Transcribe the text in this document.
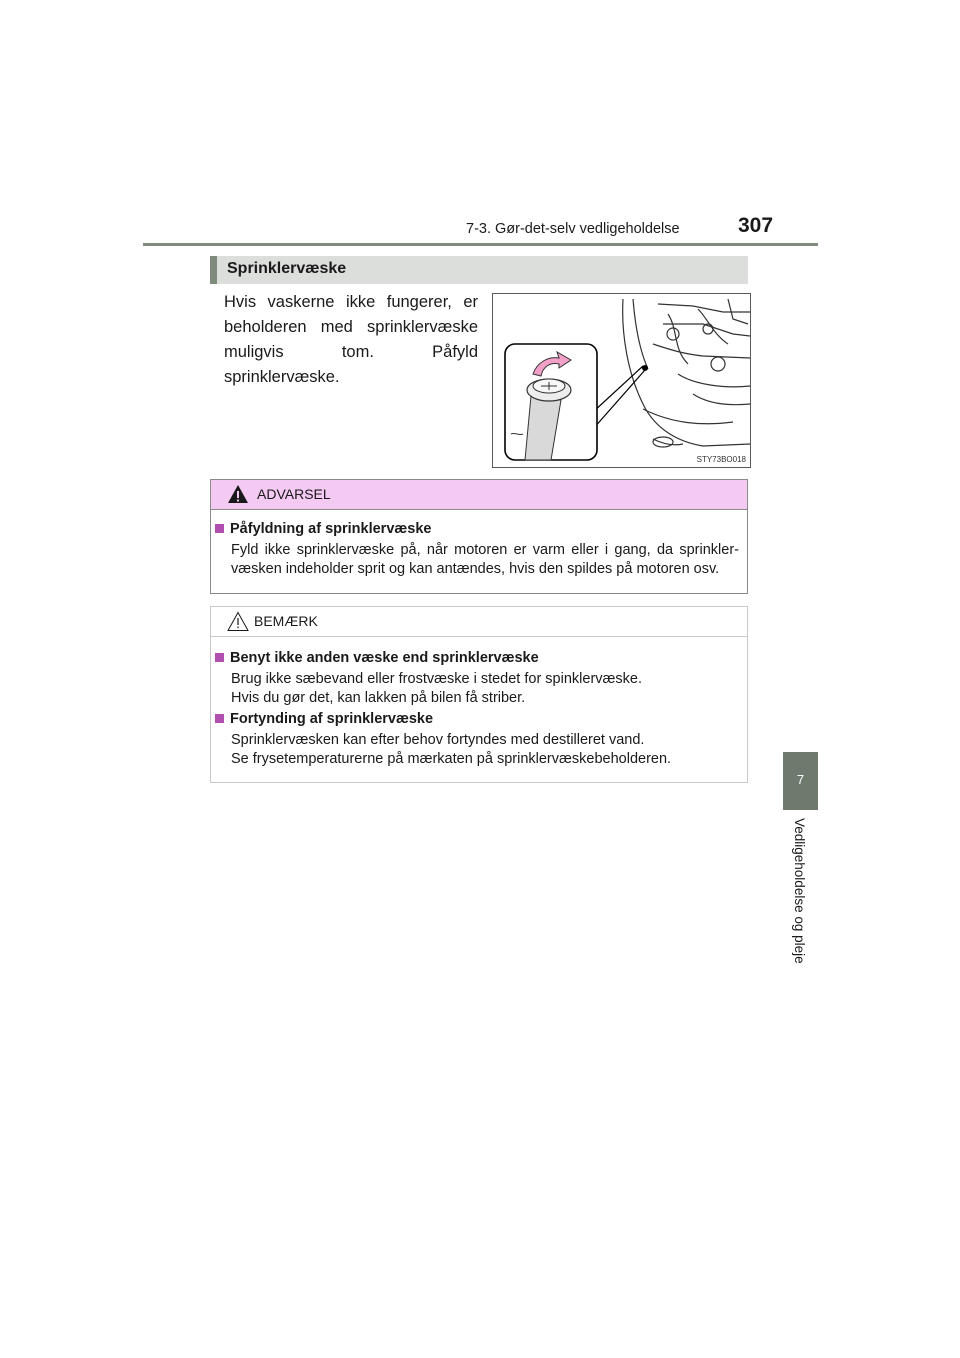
7-3. Gør-det-selv vedligeholdelse	307
7
Vedligeholdelse og pleje
Sprinklervæske
Hvis vaskerne ikke fungerer, er beholderen med sprinklervæske muligvis tom. Påfyld sprinklervæske.
STY73BO018
ADVARSEL
Påfyldning af sprinklervæske
Fyld ikke sprinklervæske på, når motoren er varm eller i gang, da sprinkler-væsken indeholder sprit og kan antændes, hvis den spildes på motoren osv.
BEMÆRK
Benyt ikke anden væske end sprinklervæske
Brug ikke sæbevand eller frostvæske i stedet for spinklervæske.
Hvis du gør det, kan lakken på bilen få striber.
Fortynding af sprinklervæske
Sprinklervæsken kan efter behov fortyndes med destilleret vand.
Se frysetemperaturerne på mærkaten på sprinklervæskebeholderen.
